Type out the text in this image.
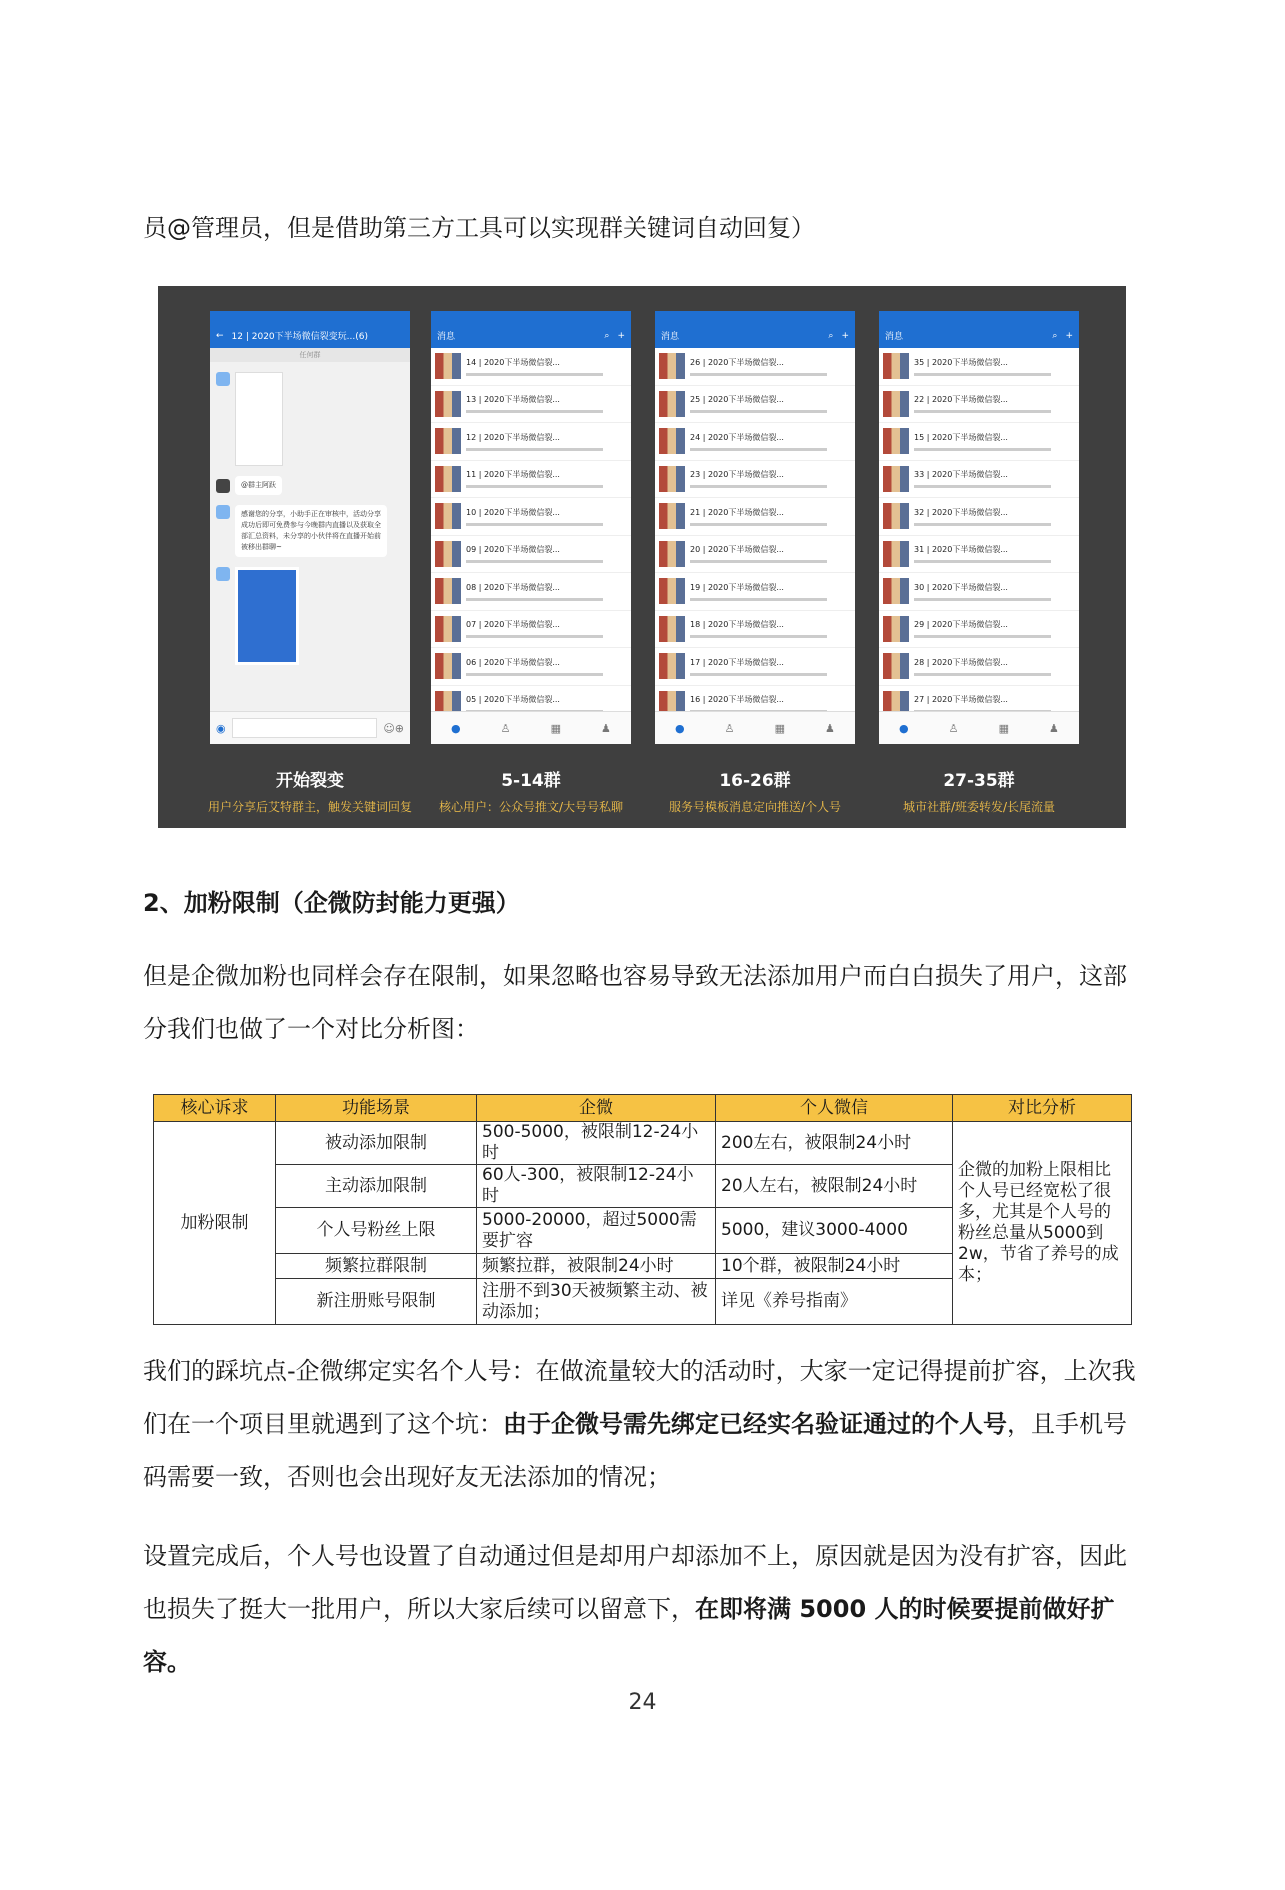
员@管理员，但是借助第三方工具可以实现群关键词自动回复）
← 12 | 2020下半场微信裂变玩...(6)
任何群
@群主阿跃
感谢您的分享，小助手正在审核中，活动分享成功后即可免费参与今晚群内直播以及获取全部汇总资料，未分享的小伙伴将在直播开始前被移出群聊~
◉	☺ ⊕
消息	⌕ +
14 | 2020下半场微信裂...
13 | 2020下半场微信裂...
12 | 2020下半场微信裂...
11 | 2020下半场微信裂...
10 | 2020下半场微信裂...
09 | 2020下半场微信裂...
08 | 2020下半场微信裂...
07 | 2020下半场微信裂...
06 | 2020下半场微信裂...
05 | 2020下半场微信裂...
●	♙	▦	♟
消息	⌕ +
26 | 2020下半场微信裂...
25 | 2020下半场微信裂...
24 | 2020下半场微信裂...
23 | 2020下半场微信裂...
21 | 2020下半场微信裂...
20 | 2020下半场微信裂...
19 | 2020下半场微信裂...
18 | 2020下半场微信裂...
17 | 2020下半场微信裂...
16 | 2020下半场微信裂...
●	♙	▦	♟
消息	⌕ +
35 | 2020下半场微信裂...
22 | 2020下半场微信裂...
15 | 2020下半场微信裂...
33 | 2020下半场微信裂...
32 | 2020下半场微信裂...
31 | 2020下半场微信裂...
30 | 2020下半场微信裂...
29 | 2020下半场微信裂...
28 | 2020下半场微信裂...
27 | 2020下半场微信裂...
●	♙	▦	♟
开始裂变	5-14群	16-26群	27-35群
用户分享后艾特群主，触发关键词回复	核心用户：公众号推文/大号号私聊	服务号模板消息定向推送/个人号	城市社群/班委转发/长尾流量
2、加粉限制（企微防封能力更强）
但是企微加粉也同样会存在限制，如果忽略也容易导致无法添加用户而白白损失了用户，这部分我们也做了一个对比分析图：
核心诉求	功能场景	企微	个人微信	对比分析
加粉限制	被动添加限制	500-5000，被限制12-24小时	200左右，被限制24小时	企微的加粉上限相比个人号已经宽松了很多，尤其是个人号的粉丝总量从5000到2w，节省了养号的成本；
	主动添加限制	60人-300，被限制12-24小时	20人左右，被限制24小时	
	个人号粉丝上限	5000-20000，超过5000需要扩容	5000，建议3000-4000	
	频繁拉群限制	频繁拉群，被限制24小时	10个群，被限制24小时	
	新注册账号限制	注册不到30天被频繁主动、被动添加；	详见《养号指南》	
我们的踩坑点-企微绑定实名个人号：在做流量较大的活动时，大家一定记得提前扩容，上次我们在一个项目里就遇到了这个坑：由于企微号需先绑定已经实名验证通过的个人号，且手机号码需要一致，否则也会出现好友无法添加的情况；
设置完成后，个人号也设置了自动通过但是却用户却添加不上，原因就是因为没有扩容，因此也损失了挺大一批用户，所以大家后续可以留意下，在即将满 5000 人的时候要提前做好扩容。
24
